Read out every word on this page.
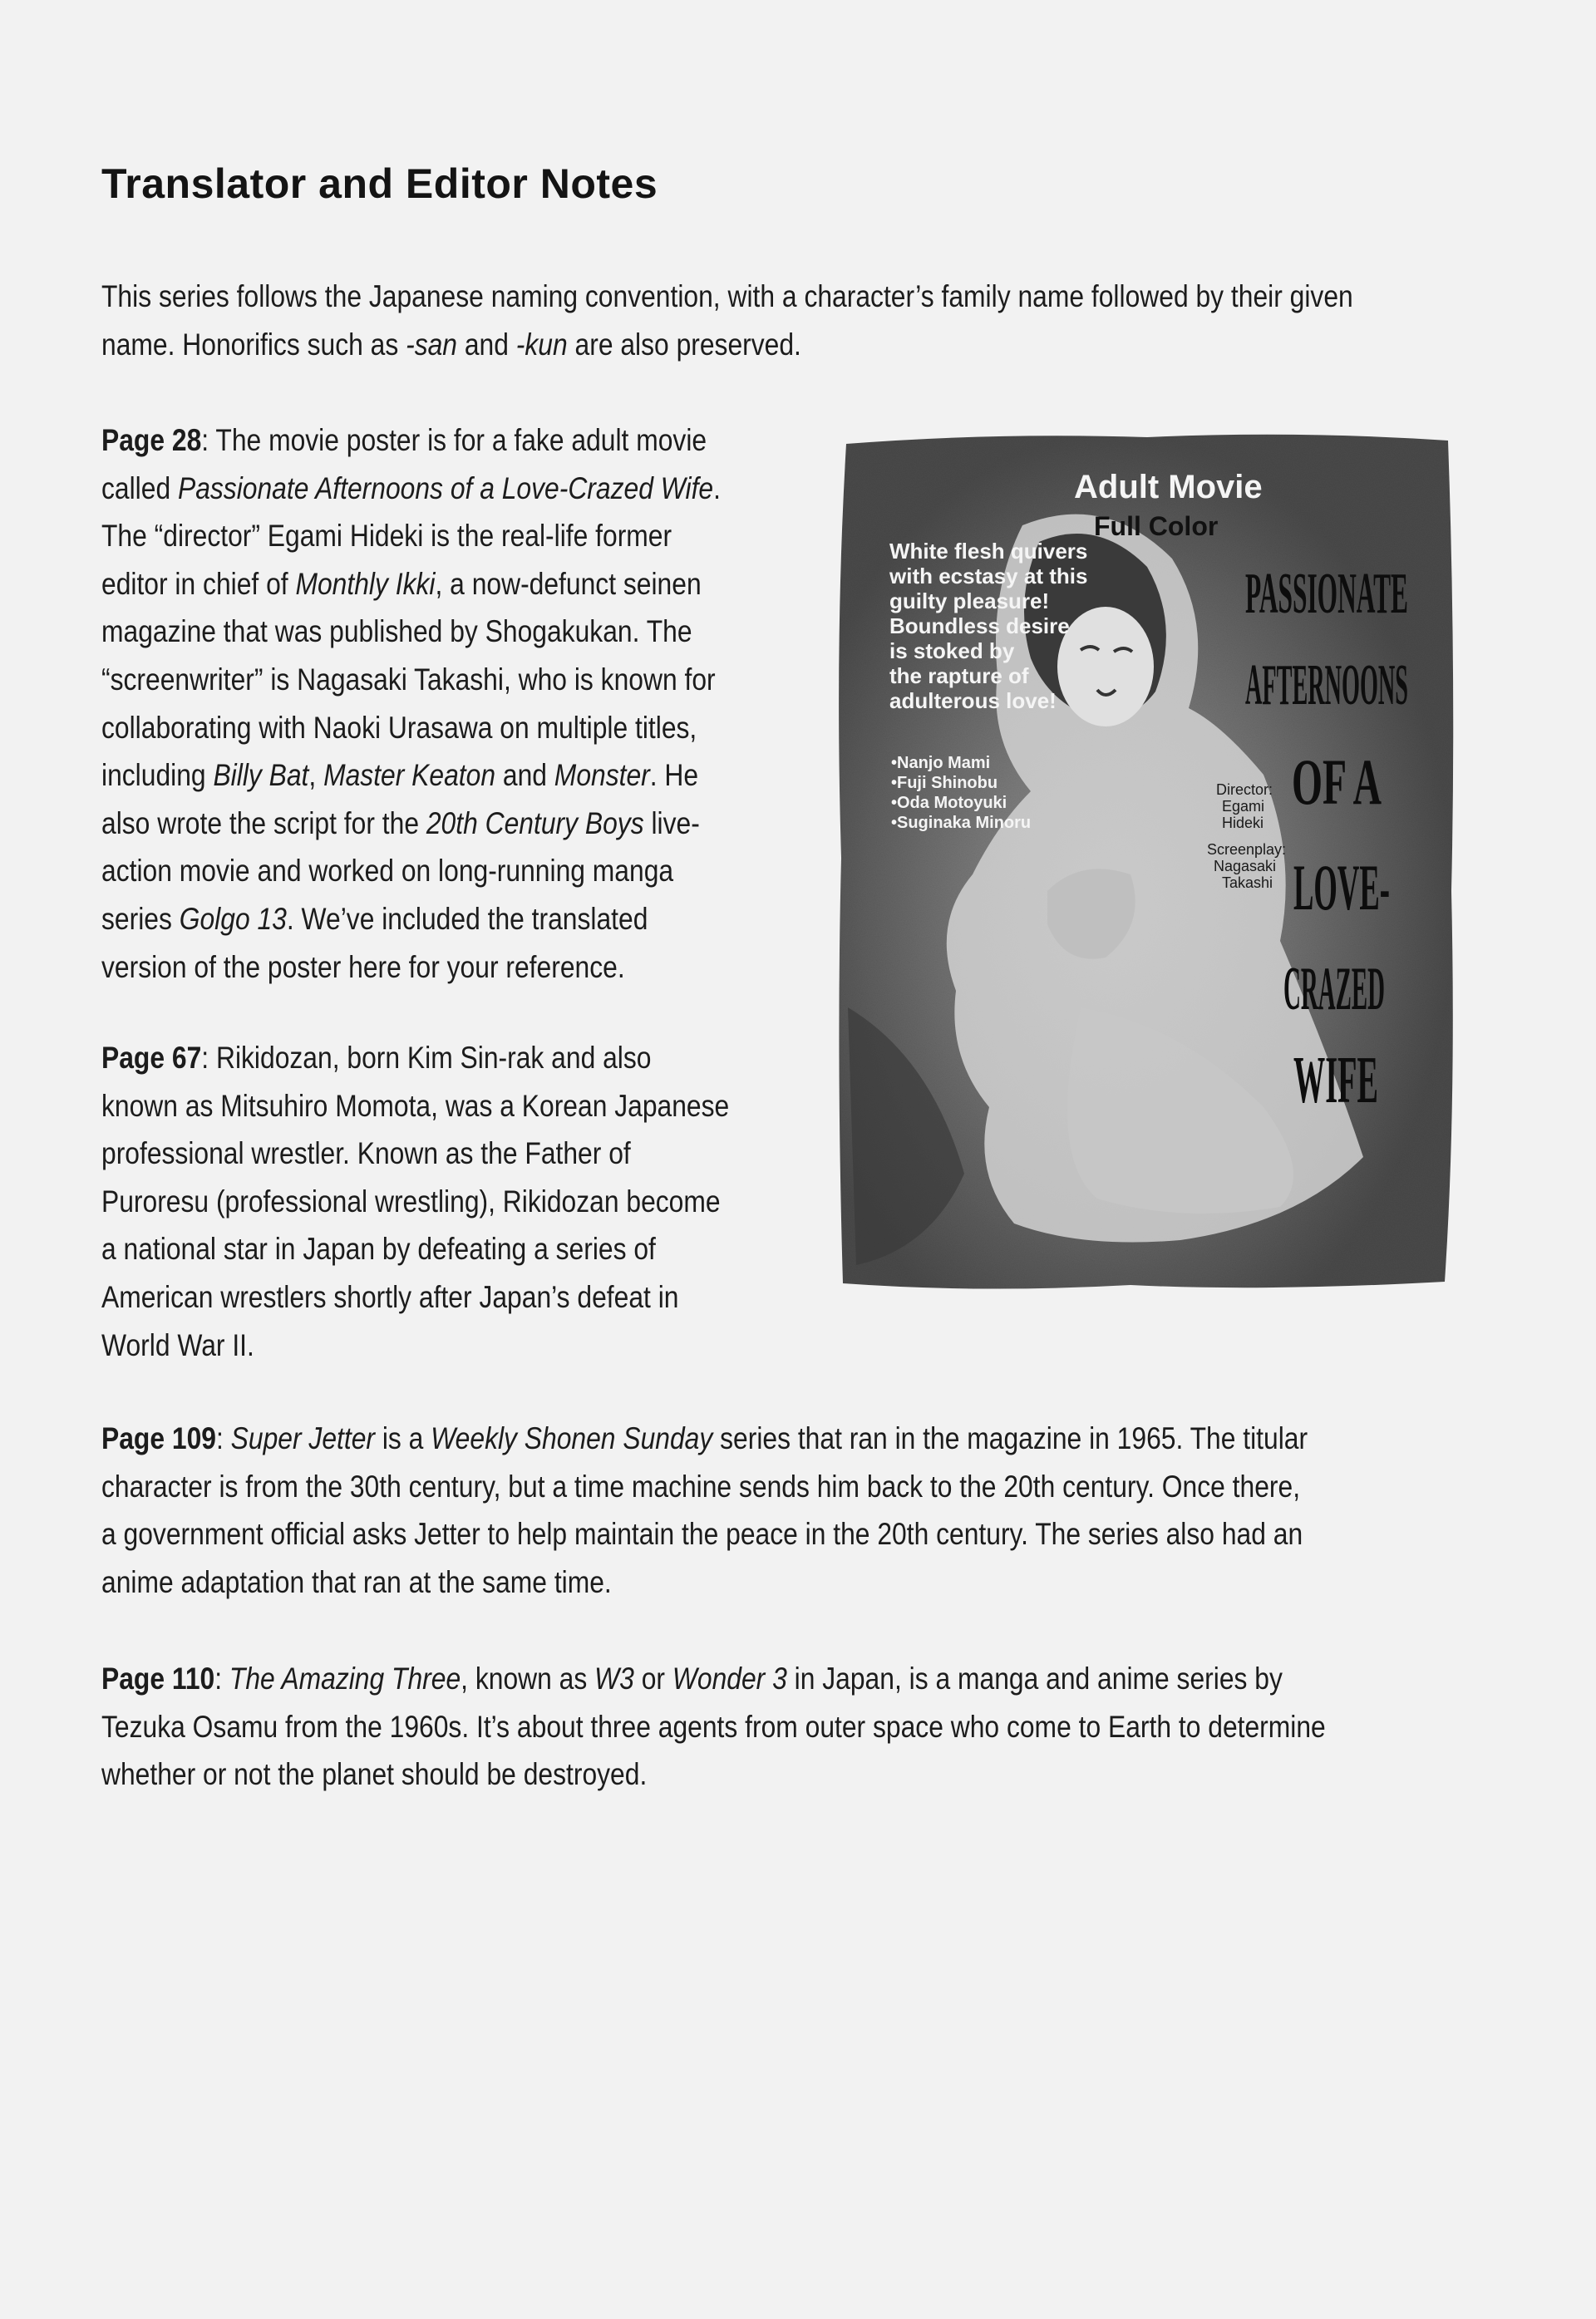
Translator and Editor Notes

This series follows the Japanese naming convention, with a character’s family name followed by their given
name. Honorifics such as -san and -kun are also preserved.

Page 28: The movie poster is for a fake adult movie
called Passionate Afternoons of a Love-Crazed Wife.
The “director” Egami Hideki is the real-life former
editor in chief of Monthly Ikki, a now-defunct seinen
magazine that was published by Shogakukan. The
“screenwriter” is Nagasaki Takashi, who is known for
collaborating with Naoki Urasawa on multiple titles,
including Billy Bat, Master Keaton and Monster. He
also wrote the script for the 20th Century Boys live-
action movie and worked on long-running manga
series Golgo 13. We’ve included the translated
version of the poster here for your reference.

Page 67: Rikidozan, born Kim Sin-rak and also
known as Mitsuhiro Momota, was a Korean Japanese
professional wrestler. Known as the Father of
Puroresu (professional wrestling), Rikidozan become
a national star in Japan by defeating a series of
American wrestlers shortly after Japan’s defeat in
World War II.

Page 109: Super Jetter is a Weekly Shonen Sunday series that ran in the magazine in 1965. The titular
character is from the 30th century, but a time machine sends him back to the 20th century. Once there,
a government official asks Jetter to help maintain the peace in the 20th century. The series also had an
anime adaptation that ran at the same time.

Page 110: The Amazing Three, known as W3 or Wonder 3 in Japan, is a manga and anime series by
Tezuka Osamu from the 1960s. It’s about three agents from outer space who come to Earth to determine
whether or not the planet should be destroyed.

Adult Movie
Full Color
White flesh quivers
with ecstasy at this
guilty pleasure!
Boundless desire
is stoked by
the rapture of
adulterous love!
•Nanjo Mami
•Fuji Shinobu
•Oda Motoyuki
•Suginaka Minoru
PASSIONATE
AFTERNOONS
OF A
LOVE-
CRAZED
WIFE
Director:
Egami
Hideki
Screenplay:
Nagasaki
Takashi
